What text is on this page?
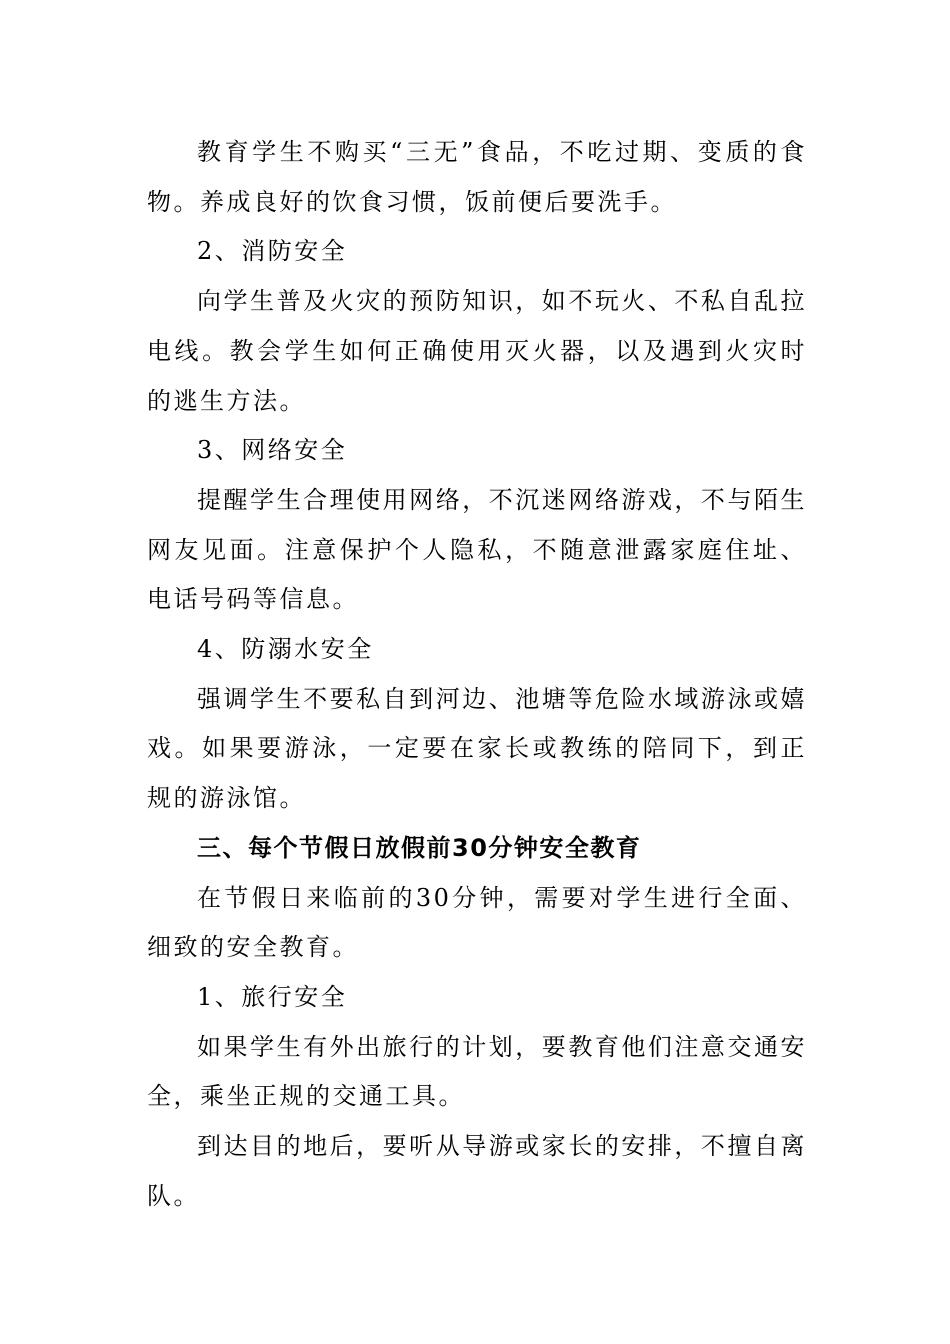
教育学生不购买“三无”食品，不吃过期、变质的食物。养成良好的饮食习惯，饭前便后要洗手。

2、消防安全

向学生普及火灾的预防知识，如不玩火、不私自乱拉电线。教会学生如何正确使用灭火器，以及遇到火灾时的逃生方法。

3、网络安全

提醒学生合理使用网络，不沉迷网络游戏，不与陌生网友见面。注意保护个人隐私，不随意泄露家庭住址、电话号码等信息。

4、防溺水安全

强调学生不要私自到河边、池塘等危险水域游泳或嬉戏。如果要游泳，一定要在家长或教练的陪同下，到正规的游泳馆。

三、每个节假日放假前30分钟安全教育

在节假日来临前的30分钟，需要对学生进行全面、细致的安全教育。

1、旅行安全

如果学生有外出旅行的计划，要教育他们注意交通安全，乘坐正规的交通工具。

到达目的地后，要听从导游或家长的安排，不擅自离队。
